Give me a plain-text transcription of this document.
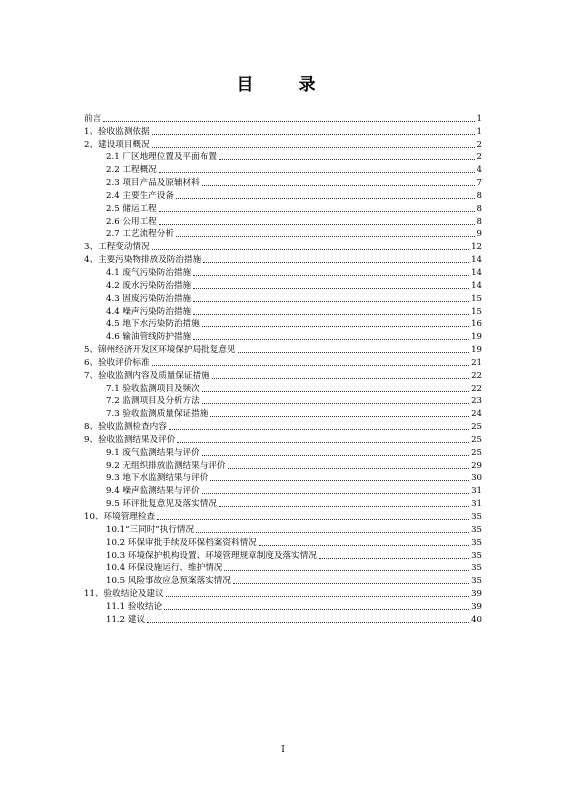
目　录
前言	1
1、验收监测依据	1
2、建设项目概况	2
2.1 厂区地理位置及平面布置	2
2.2 工程概况	4
2.3 项目产品及原辅材料	7
2.4 主要生产设备	8
2.5 储运工程	8
2.6 公用工程	8
2.7 工艺流程分析	9
3、工程变动情况	12
4、主要污染物排放及防治措施	14
4.1 废气污染防治措施	14
4.2 废水污染防治措施	14
4.3 固废污染防治措施	15
4.4 噪声污染防治措施	15
4.5 地下水污染防治措施	16
4.6 输油管线防护措施	19
5、锦州经济开发区环境保护局批复意见	19
6、验收评价标准	21
7、验收监测内容及质量保证措施	22
7.1 验收监测项目及频次	22
7.2 监测项目及分析方法	23
7.3 验收监测质量保证措施	24
8、验收监测检查内容	25
9、验收监测结果及评价	25
9.1 废气监测结果与评价	25
9.2 无组织排放监测结果与评价	29
9.3 地下水监测结果与评价	30
9.4 噪声监测结果与评价	31
9.5 环评批复意见及落实情况	31
10、环境管理检查	35
10.1“三同时”执行情况	35
10.2 环保审批手续及环保档案资料情况	35
10.3 环境保护机构设置、环境管理规章制度及落实情况	35
10.4 环保设施运行、维护情况	35
10.5 风险事故应急预案落实情况	35
11、验收结论及建议	39
11.1 验收结论	39
11.2 建议	40
I
